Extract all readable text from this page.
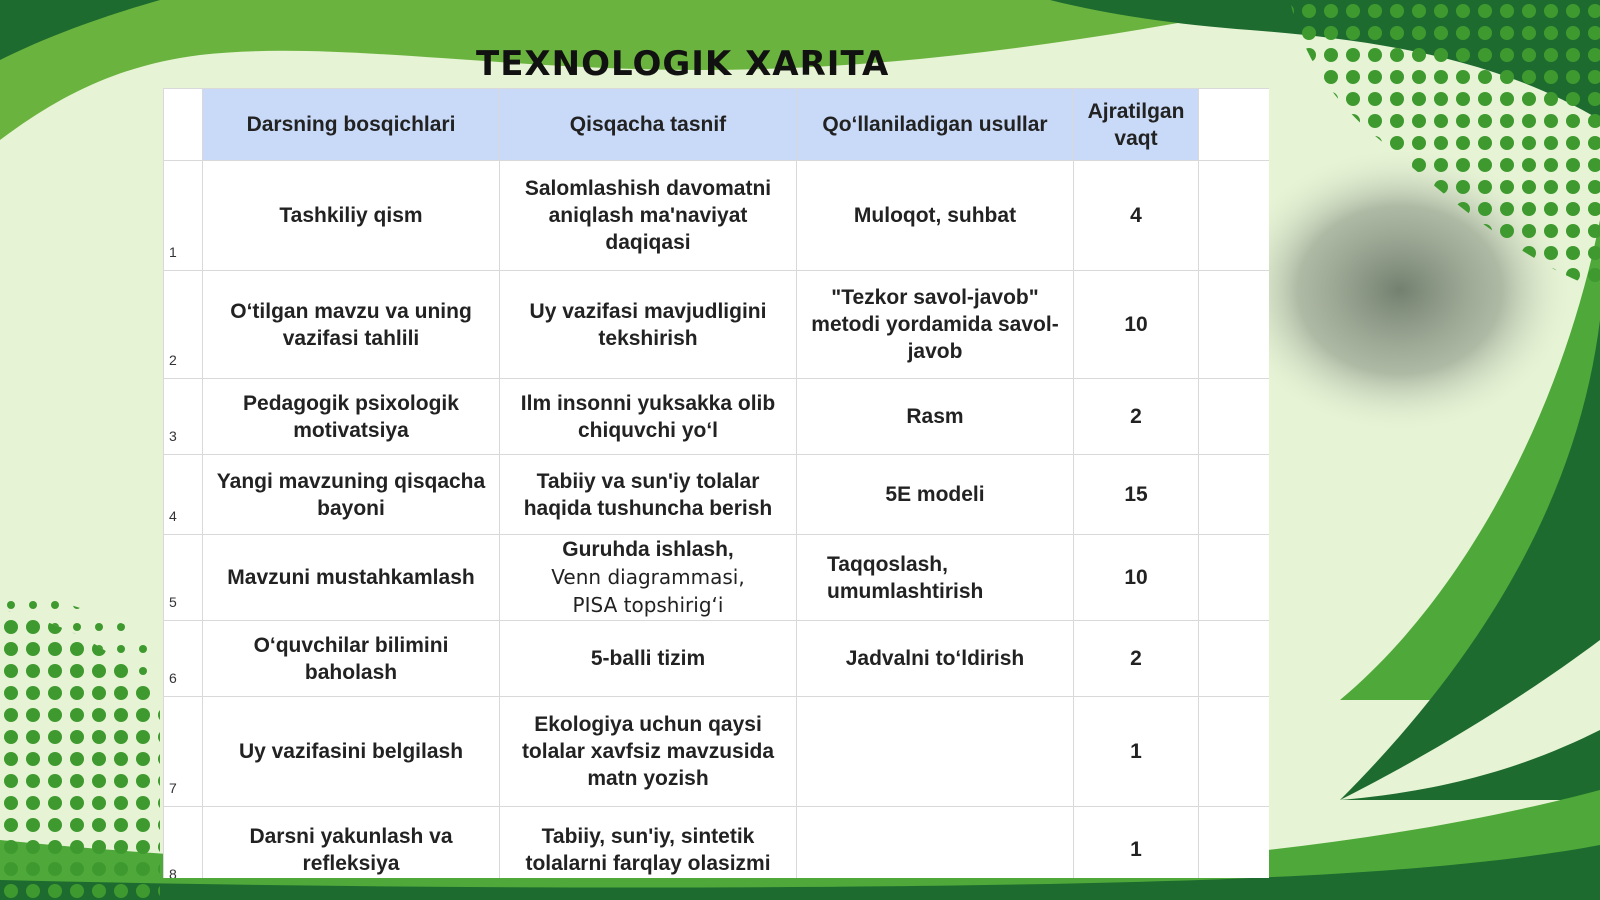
TEXNOLOGIK XARITA
	Darsning bosqichlari	Qisqacha tasnif	Qo‘llaniladigan usullar	Ajratilgan vaqt	
1	Tashkiliy qism	Salomlashish davomatni aniqlash ma'naviyat daqiqasi	Muloqot, suhbat	4	
2	O‘tilgan mavzu va uning vazifasi tahlili	Uy vazifasi mavjudligini tekshirish	"Tezkor savol-javob" metodi yordamida savol-javob	10	
3	Pedagogik psixologik motivatsiya	Ilm insonni yuksakka olib chiquvchi yo‘l	Rasm	2	
4	Yangi mavzuning qisqacha bayoni	Tabiiy va sun'iy tolalar haqida tushuncha berish	5E modeli	15	
5	Mavzuni mustahkamlash	Guruhda ishlash,
Venn diagrammasi,
PISA topshirig‘i	Taqqoslash, umumlashtirish	10	
6	O‘quvchilar bilimini baholash	5-balli tizim	Jadvalni to‘ldirish	2	
7	Uy vazifasini belgilash	Ekologiya uchun qaysi tolalar xavfsiz mavzusida matn yozish		1	
8	Darsni yakunlash va refleksiya	Tabiiy, sun'iy, sintetik tolalarni farqlay olasizmi		1	
